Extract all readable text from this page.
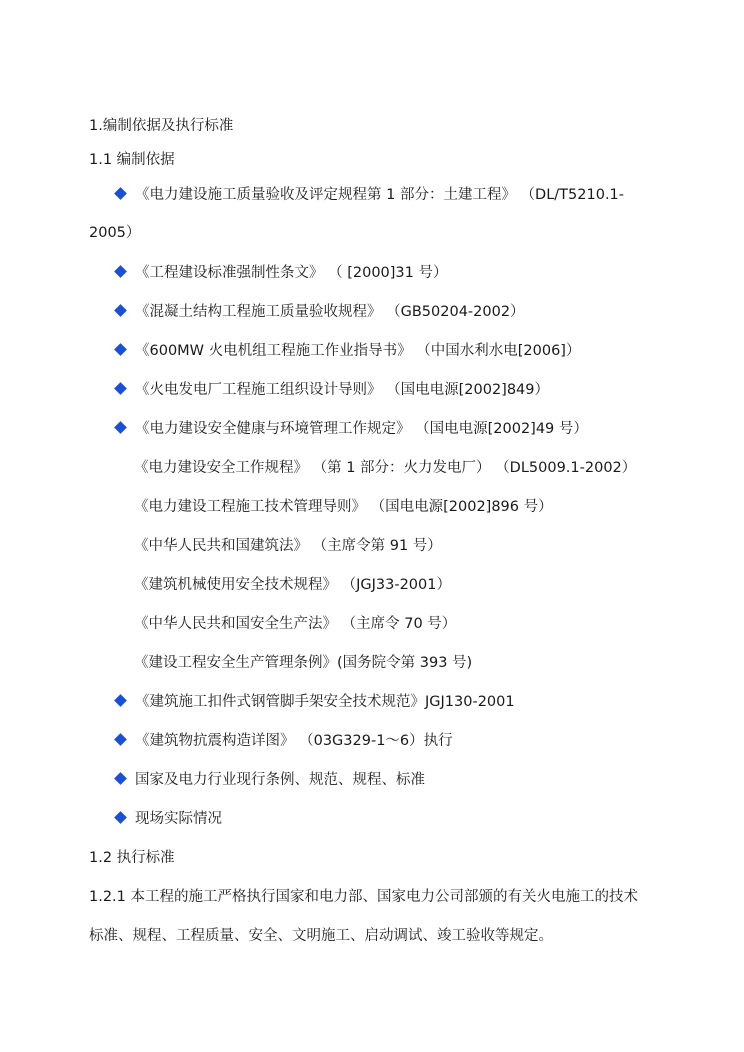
1.编制依据及执行标准
1.1 编制依据
《电力建设施工质量验收及评定规程第 1 部分：土建工程》 （DL/T5210.1-
2005）
《工程建设标准强制性条文》 （ [2000]31 号）
《混凝土结构工程施工质量验收规程》 （GB50204-2002）
《600MW 火电机组工程施工作业指导书》 （中国水利水电[2006]）
《火电发电厂工程施工组织设计导则》 （国电电源[2002]849）
《电力建设安全健康与环境管理工作规定》 （国电电源[2002]49 号）
《电力建设安全工作规程》 （第 1 部分：火力发电厂） （DL5009.1-2002）
《电力建设工程施工技术管理导则》 （国电电源[2002]896 号）
《中华人民共和国建筑法》 （主席令第 91 号）
《建筑机械使用安全技术规程》 （JGJ33-2001）
《中华人民共和国安全生产法》 （主席令 70 号）
《建设工程安全生产管理条例》(国务院令第 393 号)
《建筑施工扣件式钢管脚手架安全技术规范》JGJ130-2001
《建筑物抗震构造详图》 （03G329-1～6）执行
国家及电力行业现行条例、规范、规程、标准
现场实际情况
1.2 执行标准
1.2.1 本工程的施工严格执行国家和电力部、国家电力公司部颁的有关火电施工的技术
标准、规程、工程质量、安全、文明施工、启动调试、竣工验收等规定。
